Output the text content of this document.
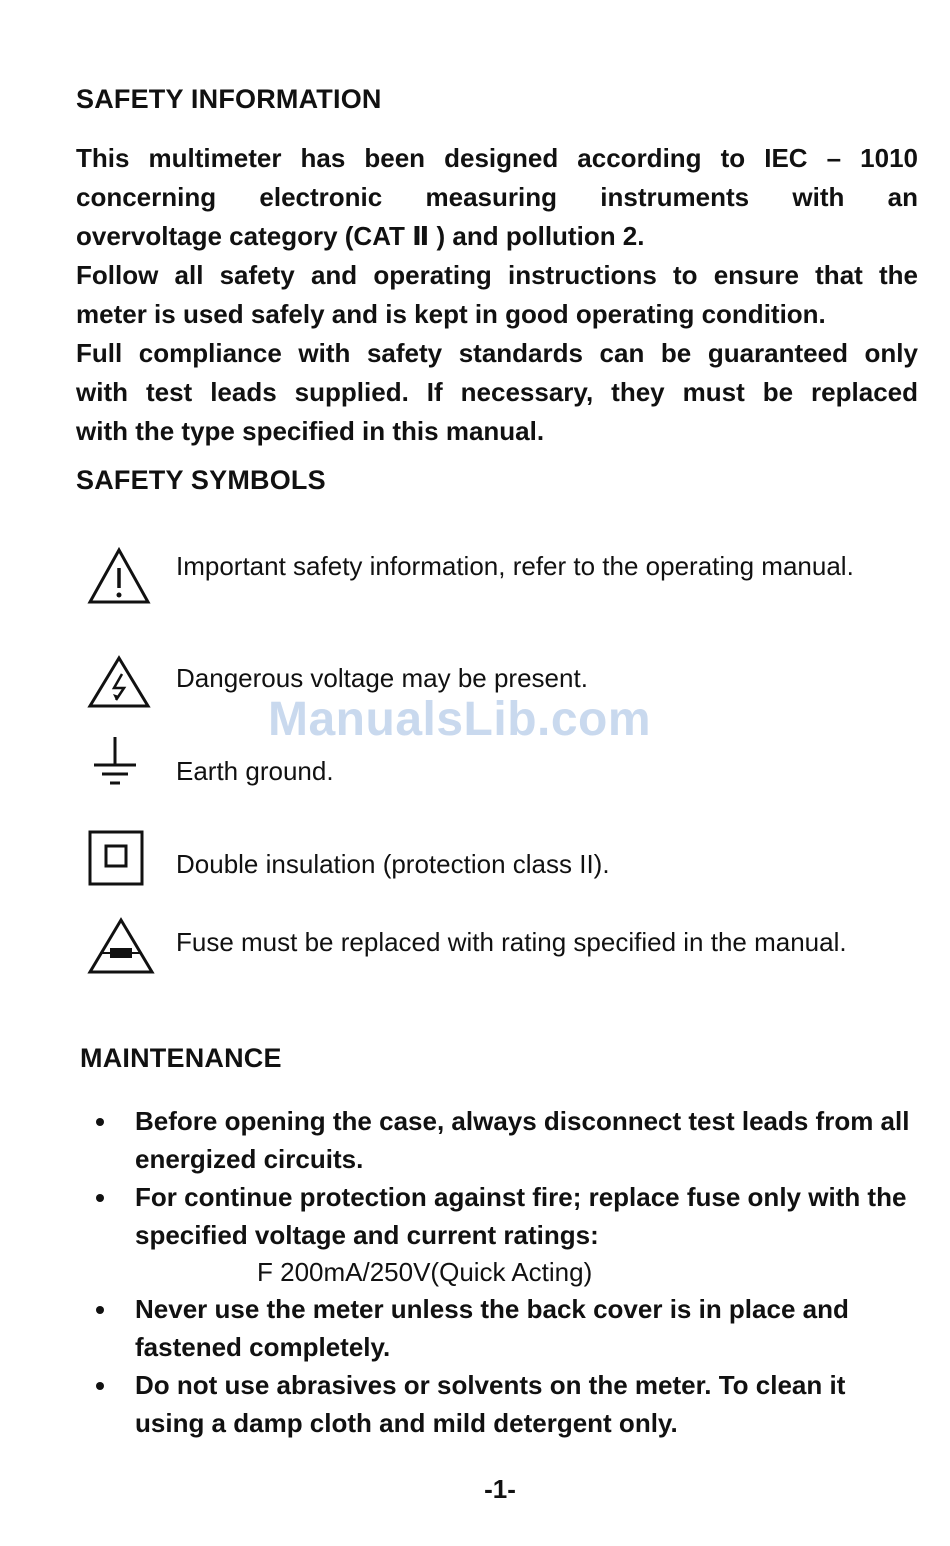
SAFETY INFORMATION
This multimeter has been designed according to IEC – 1010
concerning electronic measuring instruments with an
overvoltage category (CAT Ⅱ ) and pollution 2.
Follow all safety and operating instructions to ensure that the
meter is used safely and is kept in good operating condition.
Full compliance with safety standards can be guaranteed only
with test leads supplied. If necessary, they must be replaced
with the type specified in this manual.
SAFETY SYMBOLS
Important safety information, refer to the operating manual.
Dangerous voltage may be present.
Earth ground.
Double insulation (protection class II).
Fuse must be replaced with rating specified in the manual.
ManualsLib.com
MAINTENANCE
Before opening the case, always disconnect test leads from all energized circuits.
For continue protection against fire; replace fuse only with the specified voltage and current ratings:
F 200mA/250V(Quick Acting)
Never use the meter unless the back cover is in place and fastened completely.
Do not use abrasives or solvents on the meter. To clean it using a damp cloth and mild detergent only.
-1-
